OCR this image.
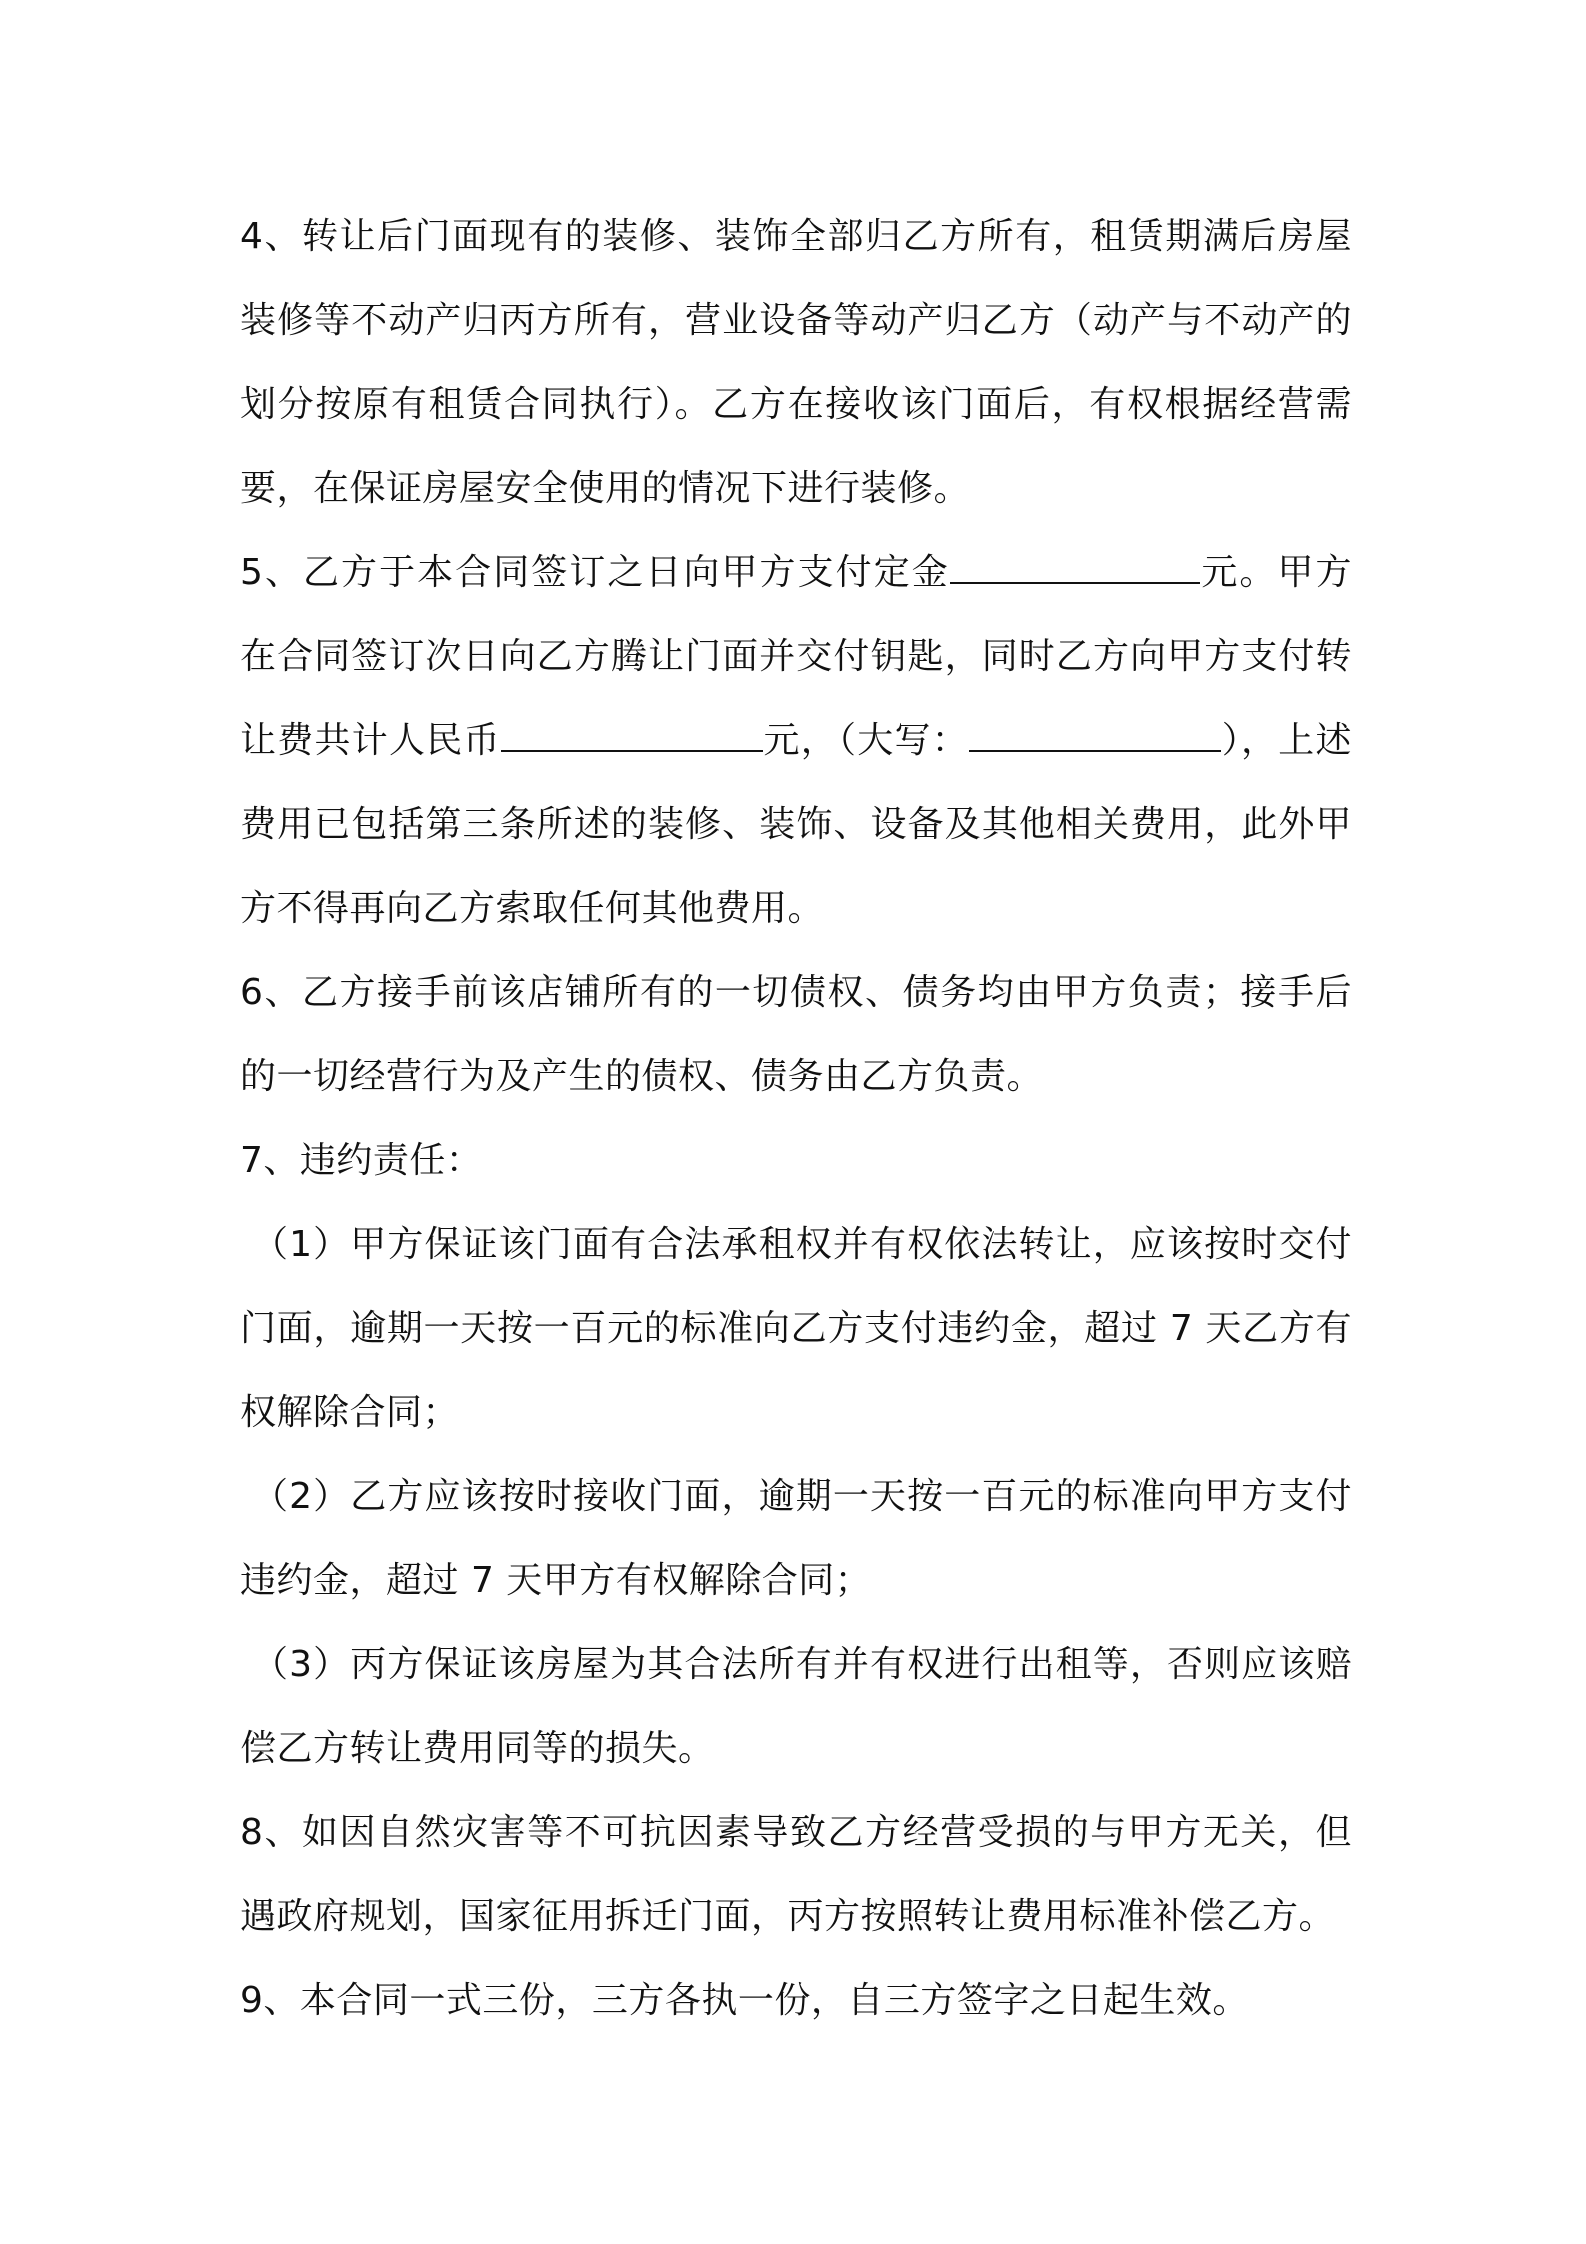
4、转让后门面现有的装修、装饰全部归乙方所有，租赁期满后房屋装修等不动产归丙方所有，营业设备等动产归乙方（动产与不动产的划分按原有租赁合同执行）。乙方在接收该门面后，有权根据经营需要，在保证房屋安全使用的情况下进行装修。

5、乙方于本合同签订之日向甲方支付定金	元。甲方在合同签订次日向乙方腾让门面并交付钥匙，同时乙方向甲方支付转让费共计人民币	元，（大写：	），上述费用已包括第三条所述的装修、装饰、设备及其他相关费用，此外甲方不得再向乙方索取任何其他费用。

6、乙方接手前该店铺所有的一切债权、债务均由甲方负责；接手后的一切经营行为及产生的债权、债务由乙方负责。

7、违约责任：

（1）甲方保证该门面有合法承租权并有权依法转让，应该按时交付门面，逾期一天按一百元的标准向乙方支付违约金，超过 7 天乙方有权解除合同；

（2）乙方应该按时接收门面，逾期一天按一百元的标准向甲方支付违约金，超过 7 天甲方有权解除合同；

（3）丙方保证该房屋为其合法所有并有权进行出租等，否则应该赔偿乙方转让费用同等的损失。

8、如因自然灾害等不可抗因素导致乙方经营受损的与甲方无关，但遇政府规划，国家征用拆迁门面，丙方按照转让费用标准补偿乙方。

9、本合同一式三份，三方各执一份，自三方签字之日起生效。
